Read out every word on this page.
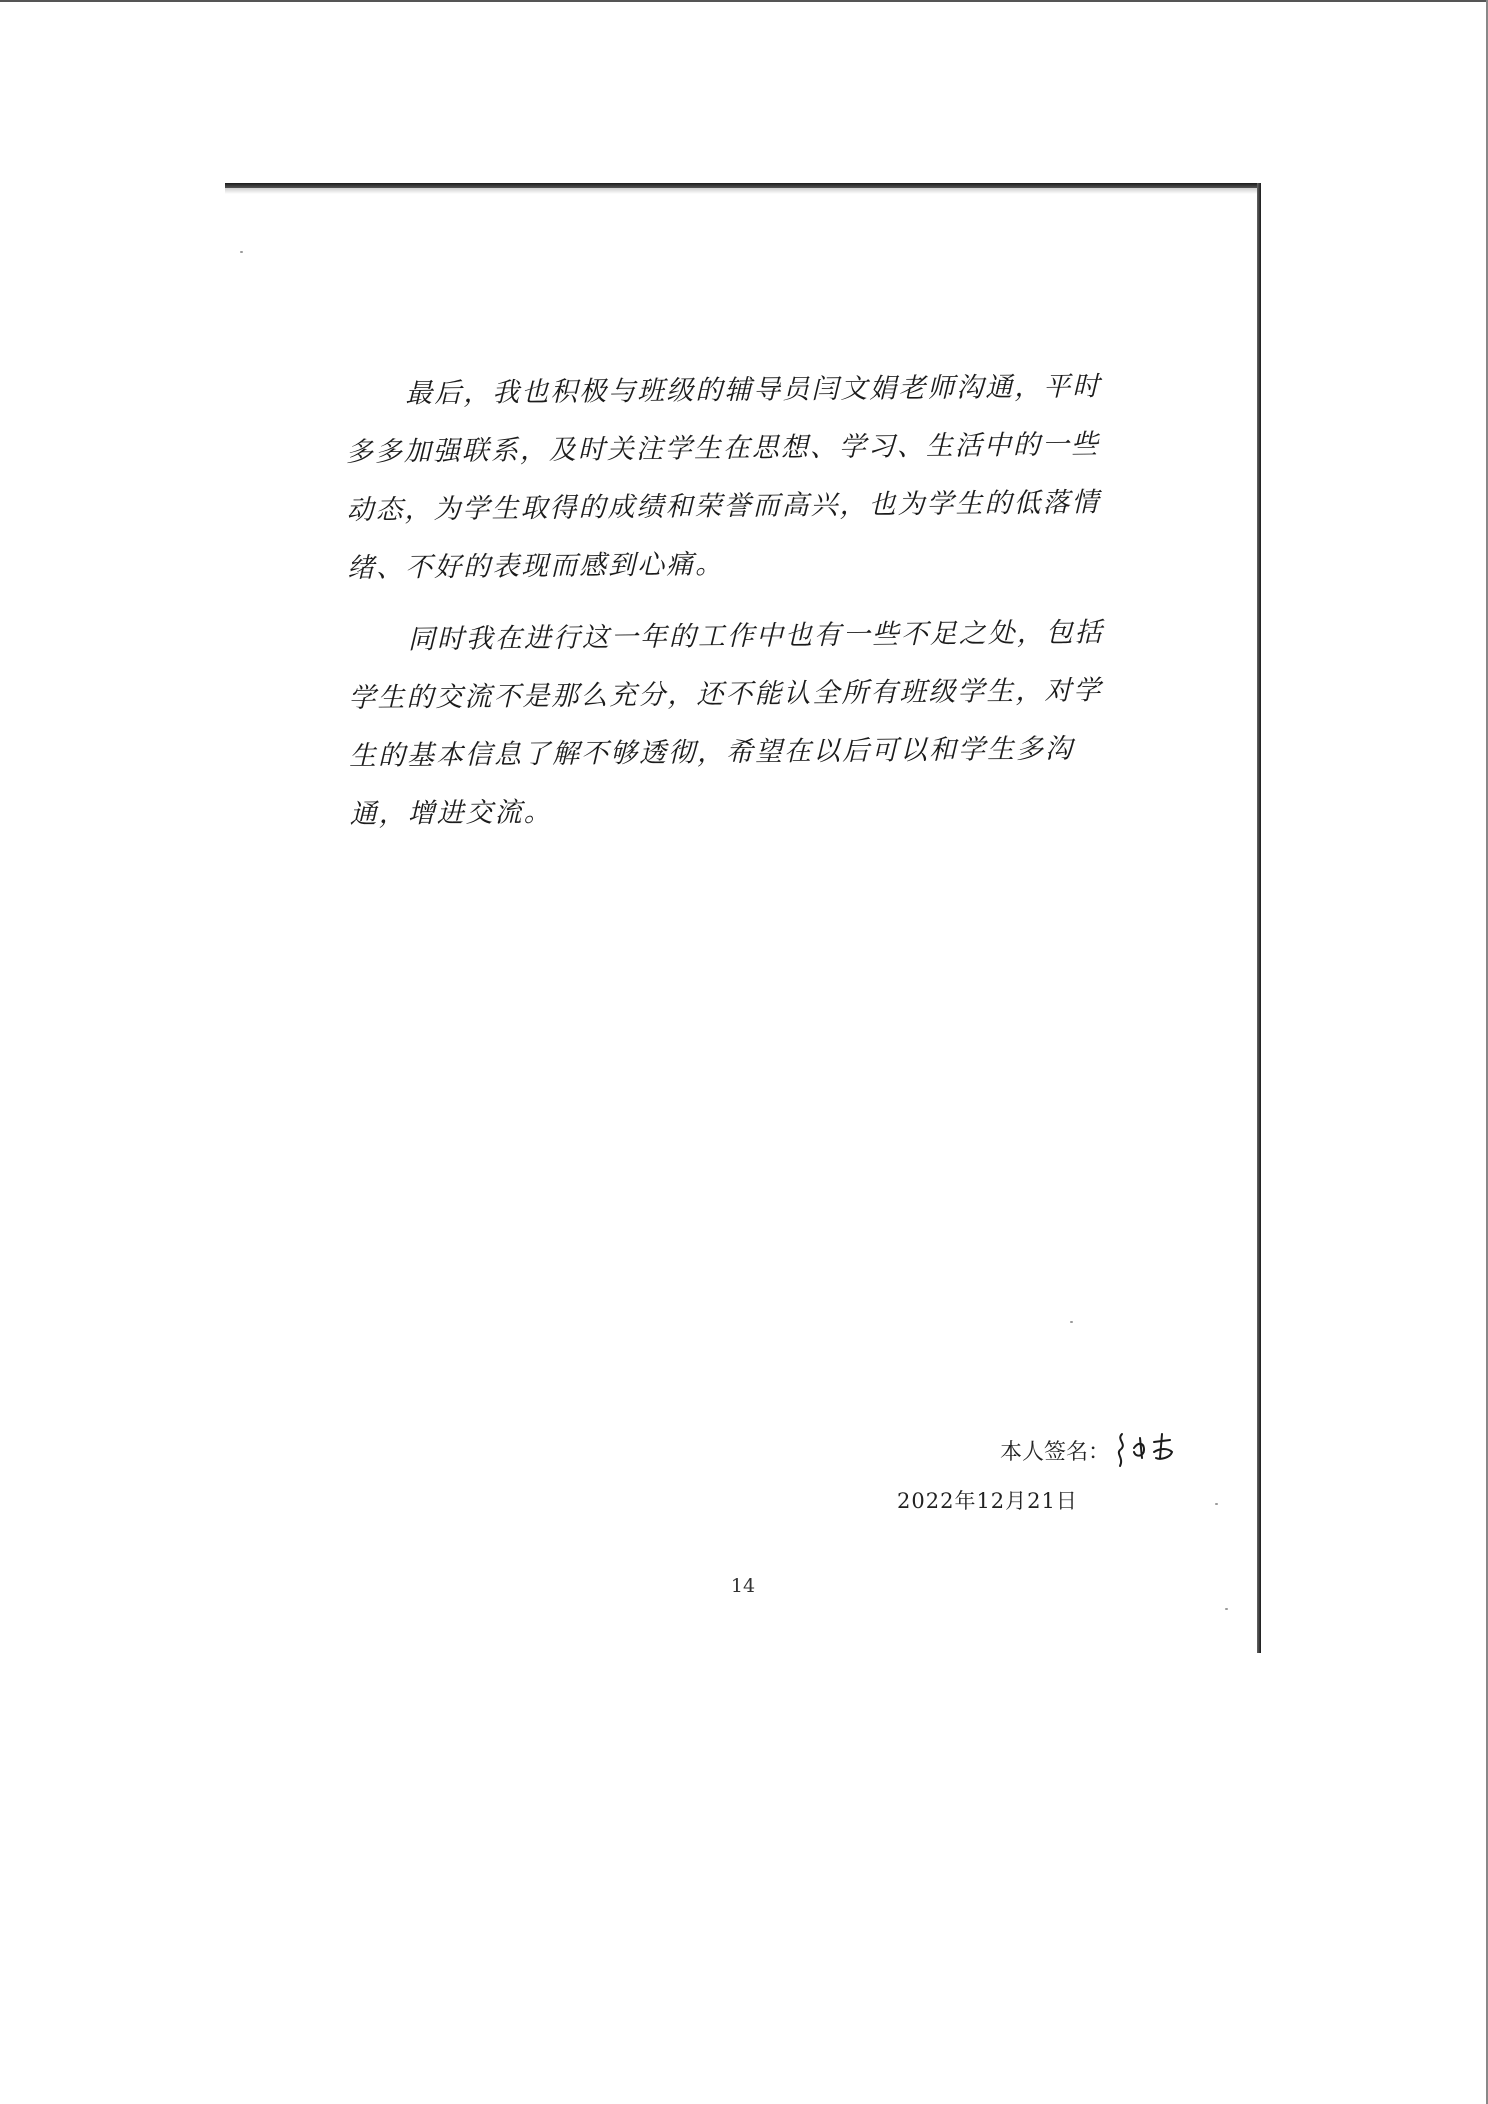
最后，我也积极与班级的辅导员闫文娟老师沟通，平时多多加强联系，及时关注学生在思想、学习、生活中的一些动态，为学生取得的成绩和荣誉而高兴，也为学生的低落情绪、不好的表现而感到心痛。

同时我在进行这一年的工作中也有一些不足之处，包括学生的交流不是那么充分，还不能认全所有班级学生，对学生的基本信息了解不够透彻，希望在以后可以和学生多沟通，增进交流。

本人签名：
2022年12月21日
14
